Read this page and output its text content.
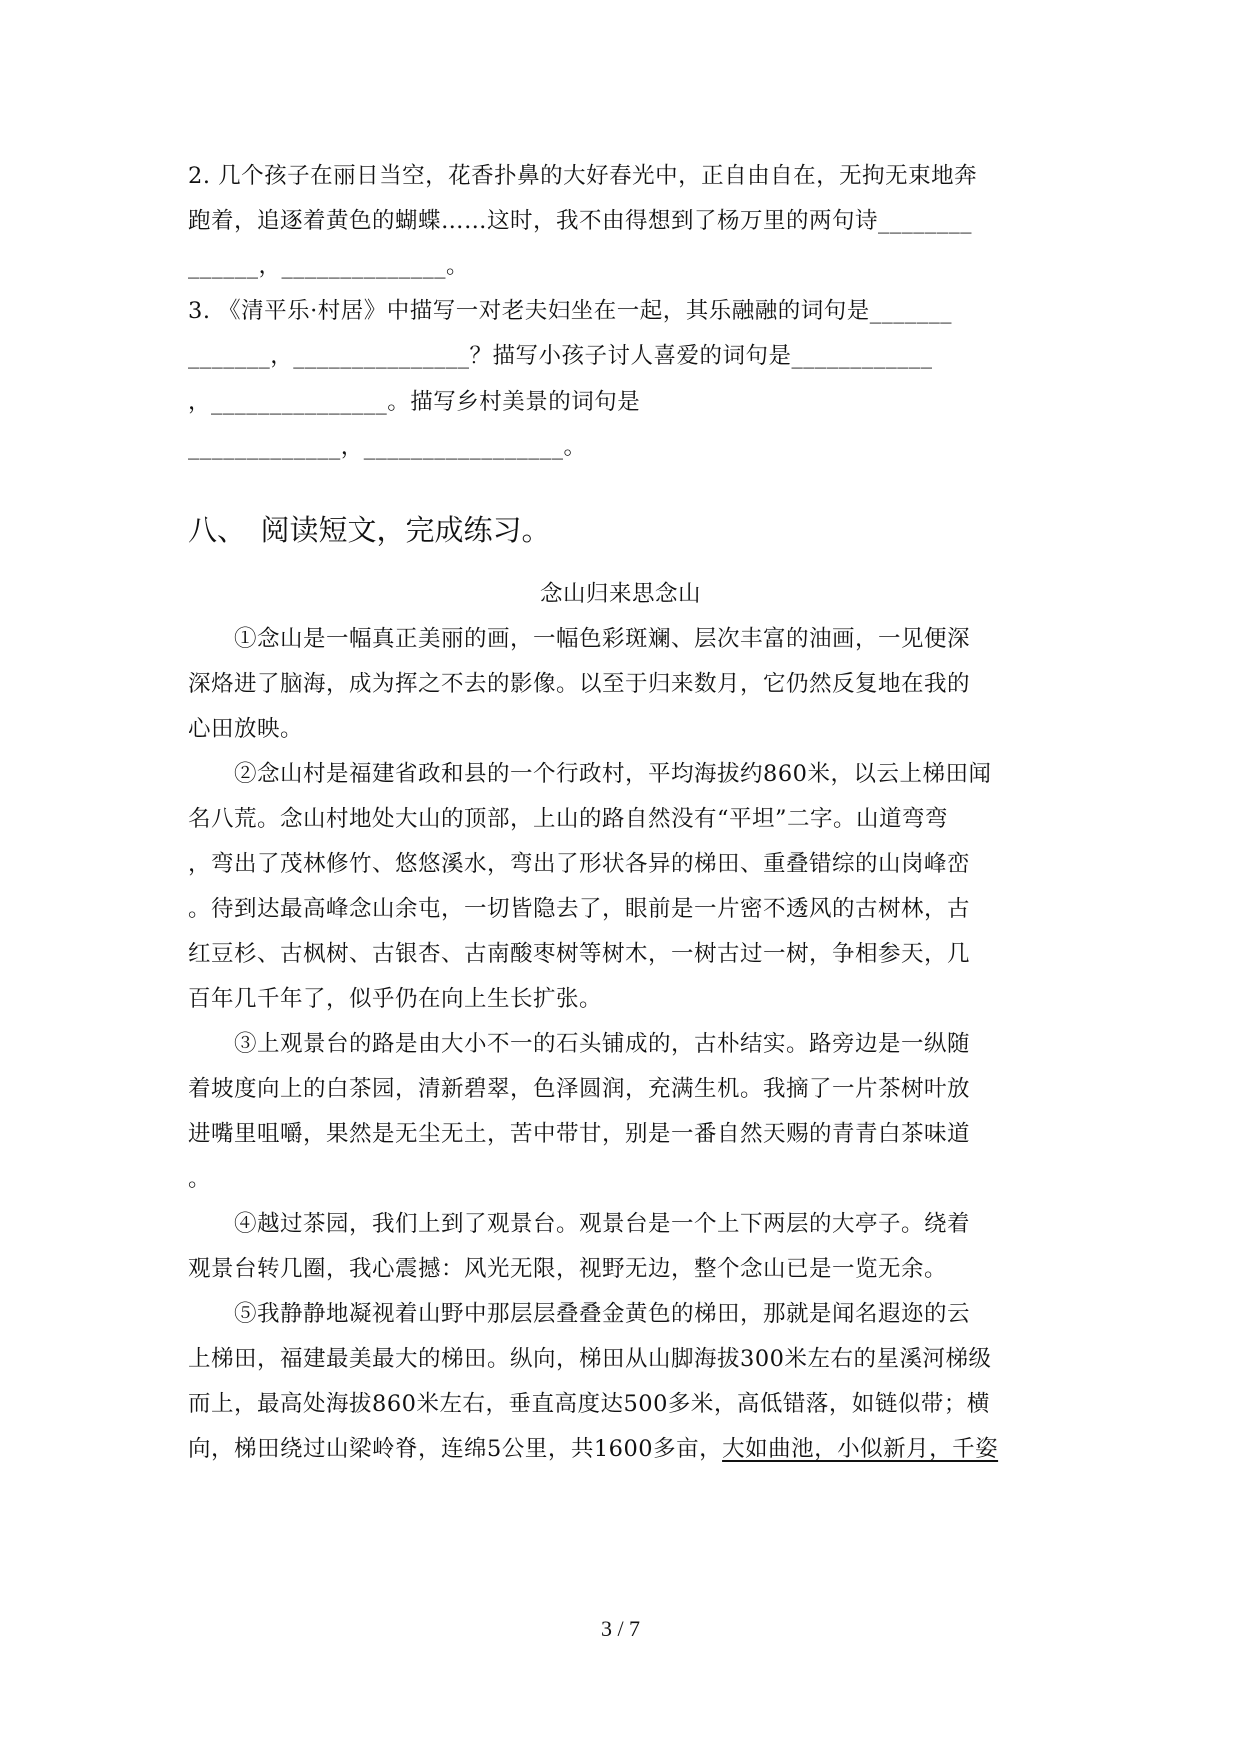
2. 几个孩子在丽日当空，花香扑鼻的大好春光中，正自由自在，无拘无束地奔
跑着，追逐着黄色的蝴蝶……这时，我不由得想到了杨万里的两句诗________
______，______________。
3. 《清平乐·村居》中描写一对老夫妇坐在一起，其乐融融的词句是_______
_______，_______________？描写小孩子讨人喜爱的词句是____________
，_______________。描写乡村美景的词句是
_____________，_________________。
八、　阅读短文，完成练习。
念山归来思念山
　　①念山是一幅真正美丽的画，一幅色彩斑斓、层次丰富的油画，一见便深
深烙进了脑海，成为挥之不去的影像。以至于归来数月，它仍然反复地在我的
心田放映。
　　②念山村是福建省政和县的一个行政村，平均海拔约860米，以云上梯田闻
名八荒。念山村地处大山的顶部，上山的路自然没有“平坦”二字。山道弯弯
，弯出了茂林修竹、悠悠溪水，弯出了形状各异的梯田、重叠错综的山岗峰峦
。待到达最高峰念山余屯，一切皆隐去了，眼前是一片密不透风的古树林，古
红豆杉、古枫树、古银杏、古南酸枣树等树木，一树古过一树，争相参天，几
百年几千年了，似乎仍在向上生长扩张。
　　③上观景台的路是由大小不一的石头铺成的，古朴结实。路旁边是一纵随
着坡度向上的白茶园，清新碧翠，色泽圆润，充满生机。我摘了一片茶树叶放
进嘴里咀嚼，果然是无尘无土，苦中带甘，别是一番自然天赐的青青白茶味道
。
　　④越过茶园，我们上到了观景台。观景台是一个上下两层的大亭子。绕着
观景台转几圈，我心震撼：风光无限，视野无边，整个念山已是一览无余。
　　⑤我静静地凝视着山野中那层层叠叠金黄色的梯田，那就是闻名遐迩的云
上梯田，福建最美最大的梯田。纵向，梯田从山脚海拔300米左右的星溪河梯级
而上，最高处海拔860米左右，垂直高度达500多米，高低错落，如链似带；横
向，梯田绕过山梁岭脊，连绵5公里，共1600多亩，大如曲池，小似新月，千姿
3 / 7
